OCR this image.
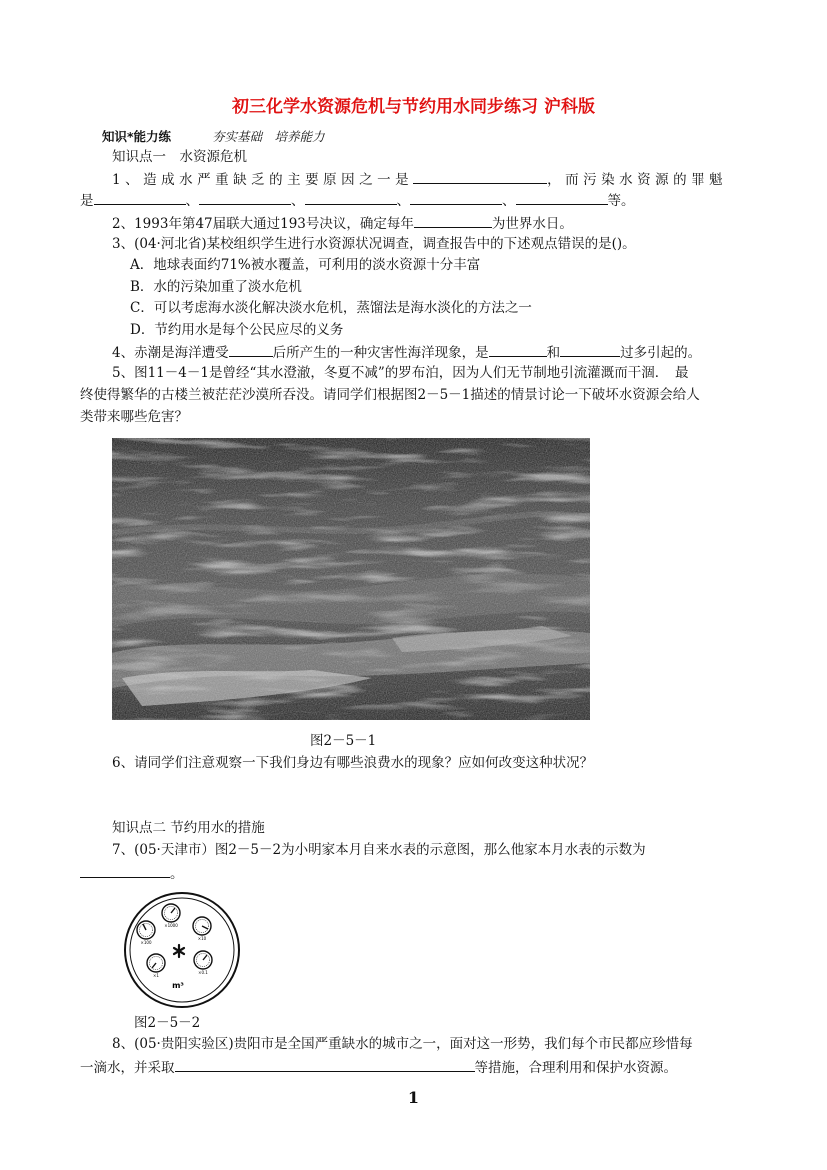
初三化学水资源危机与节约用水同步练习 沪科版
知识*能力练	夯实基础　培养能力
知识点一　水资源危机
1、造成水严重缺乏的主要原因之一是	，而污染水资源的罪魁
是	、	、	、	、	等。
2、1993年第47届联大通过193号决议，确定每年	为世界水日。
3、(04·河北省)某校组织学生进行水资源状况调查，调查报告中的下述观点错误的是()。
A．地球表面约71%被水覆盖，可利用的淡水资源十分丰富
B．水的污染加重了淡水危机
C．可以考虑海水淡化解决淡水危机，蒸馏法是海水淡化的方法之一
D．节约用水是每个公民应尽的义务
4、赤潮是海洋遭受	后所产生的一种灾害性海洋现象，是	和	过多引起的。
5、图11－4－1是曾经“其水澄澈，冬夏不减”的罗布泊，因为人们无节制地引流灌溉而干涸．　最
终使得繁华的古楼兰被茫茫沙漠所吞没。请同学们根据图2－5－1描述的情景讨论一下破坏水资源会给人
类带来哪些危害？
图2－5－1
6、请同学们注意观察一下我们身边有哪些浪费水的现象？应如何改变这种状况？
知识点二 节约用水的措施
7、(05·天津市）图2－5－2为小明家本月自来水表的示意图，那么他家本月水表的示数为
。
×1000
×100
×10
×1
×0.1
m³
图2－5－2
8、(05·贵阳实验区)贵阳市是全国严重缺水的城市之一，面对这一形势，我们每个市民都应珍惜每
一滴水，并采取	等措施，合理利用和保护水资源。
1
